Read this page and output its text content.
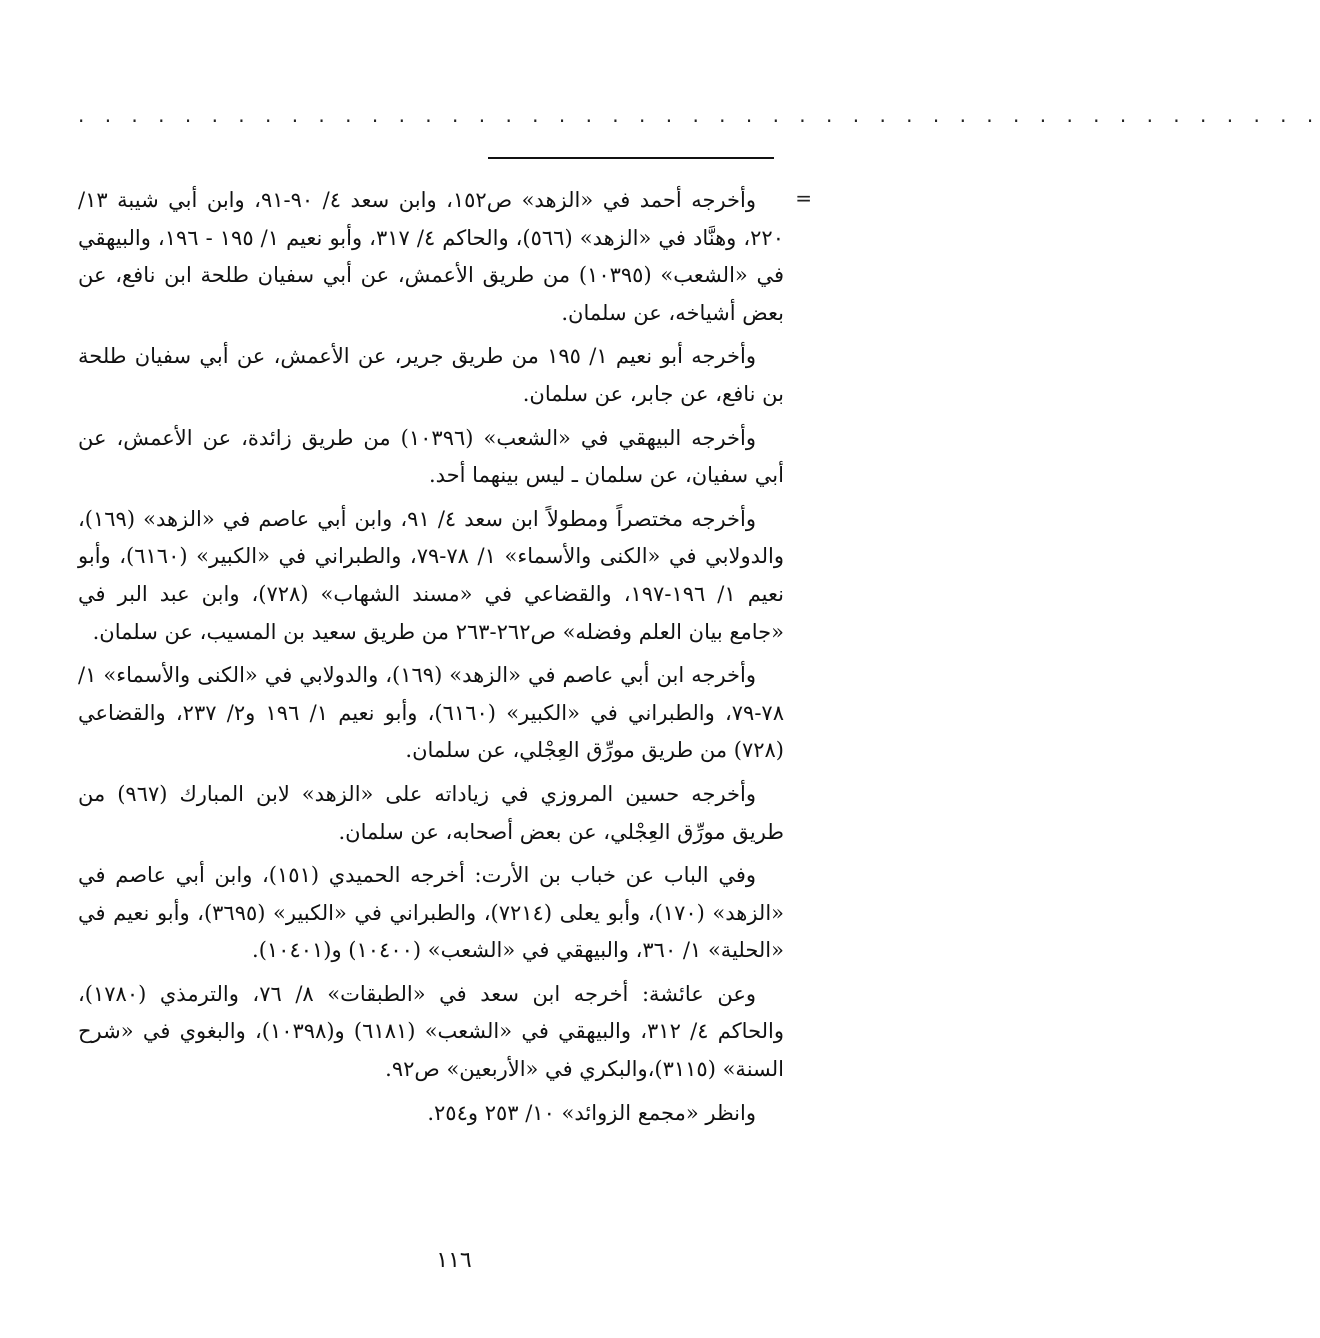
. . . . . . . . . . . . . . . . . . . . . . . . . . . . . . . . . . . . . . . . . . . . . . .
=

وأخرجه أحمد في «الزهد» ص١٥٢، وابن سعد ٤/ ٩٠-٩١، وابن أبي شيبة ١٣/ ٢٢٠، وهنَّاد في «الزهد» (٥٦٦)، والحاكم ٤/ ٣١٧، وأبو نعيم ١/ ١٩٥ - ١٩٦، والبيهقي في «الشعب» (١٠٣٩٥) من طريق الأعمش، عن أبي سفيان طلحة ابن نافع، عن بعض أشياخه، عن سلمان.

وأخرجه أبو نعيم ١/ ١٩٥ من طريق جرير، عن الأعمش، عن أبي سفيان طلحة بن نافع، عن جابر، عن سلمان.

وأخرجه البيهقي في «الشعب» (١٠٣٩٦) من طريق زائدة، عن الأعمش، عن أبي سفيان، عن سلمان ـ ليس بينهما أحد.

وأخرجه مختصراً ومطولاً ابن سعد ٤/ ٩١، وابن أبي عاصم في «الزهد» (١٦٩)، والدولابي في «الكنى والأسماء» ١/ ٧٨-٧٩، والطبراني في «الكبير» (٦١٦٠)، وأبو نعيم ١/ ١٩٦-١٩٧، والقضاعي في «مسند الشهاب» (٧٢٨)، وابن عبد البر في «جامع بيان العلم وفضله» ص٢٦٢-٢٦٣ من طريق سعيد بن المسيب، عن سلمان.

وأخرجه ابن أبي عاصم في «الزهد» (١٦٩)، والدولابي في «الكنى والأسماء» ١/ ٧٨-٧٩، والطبراني في «الكبير» (٦١٦٠)، وأبو نعيم ١/ ١٩٦ و٢/ ٢٣٧، والقضاعي (٧٢٨) من طريق مورِّق العِجْلي، عن سلمان.

وأخرجه حسين المروزي في زياداته على «الزهد» لابن المبارك (٩٦٧) من طريق مورِّق العِجْلي، عن بعض أصحابه، عن سلمان.

وفي الباب عن خباب بن الأرت: أخرجه الحميدي (١٥١)، وابن أبي عاصم في «الزهد» (١٧٠)، وأبو يعلى (٧٢١٤)، والطبراني في «الكبير» (٣٦٩٥)، وأبو نعيم في «الحلية» ١/ ٣٦٠، والبيهقي في «الشعب» (١٠٤٠٠) و(١٠٤٠١).

وعن عائشة: أخرجه ابن سعد في «الطبقات» ٨/ ٧٦، والترمذي (١٧٨٠)، والحاكم ٤/ ٣١٢، والبيهقي في «الشعب» (٦١٨١) و(١٠٣٩٨)، والبغوي في «شرح السنة» (٣١١٥)،والبكري في «الأربعين» ص٩٢.

وانظر «مجمع الزوائد» ١٠/ ٢٥٣ و٢٥٤.

١١٦
